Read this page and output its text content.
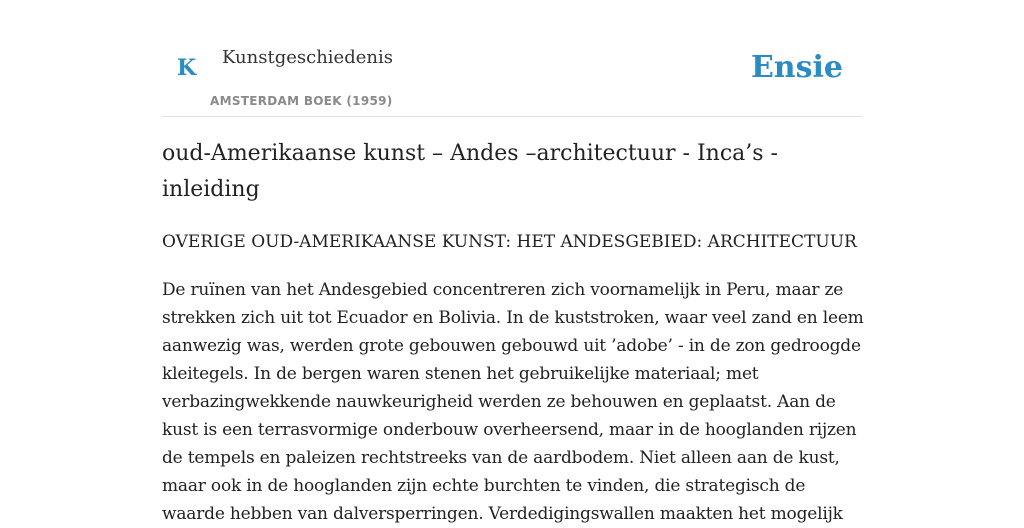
K Kunstgeschiedenis
AMSTERDAM BOEK (1959)
Ensie
oud-Amerikaanse kunst – Andes –architectuur - Inca’s - inleiding
OVERIGE OUD-AMERIKAANSE KUNST: HET ANDESGEBIED: ARCHITECTUUR

De ruïnen van het Andesgebied concentreren zich voornamelijk in Peru, maar ze
strekken zich uit tot Ecuador en Bolivia. In de kuststroken, waar veel zand en leem
aanwezig was, werden grote gebouwen gebouwd uit ’adobe’ - in de zon gedroogde
kleitegels. In de bergen waren stenen het gebruikelijke materiaal; met
verbazingwekkende nauwkeurigheid werden ze behouwen en geplaatst. Aan de
kust is een terrasvormige onderbouw overheersend, maar in de hooglanden rijzen
de tempels en paleizen rechtstreeks van de aardbodem. Niet alleen aan de kust,
maar ook in de hooglanden zijn echte burchten te vinden, die strategisch de
waarde hebben van dalversperringen. Verdedigingswallen maakten het mogelijk
